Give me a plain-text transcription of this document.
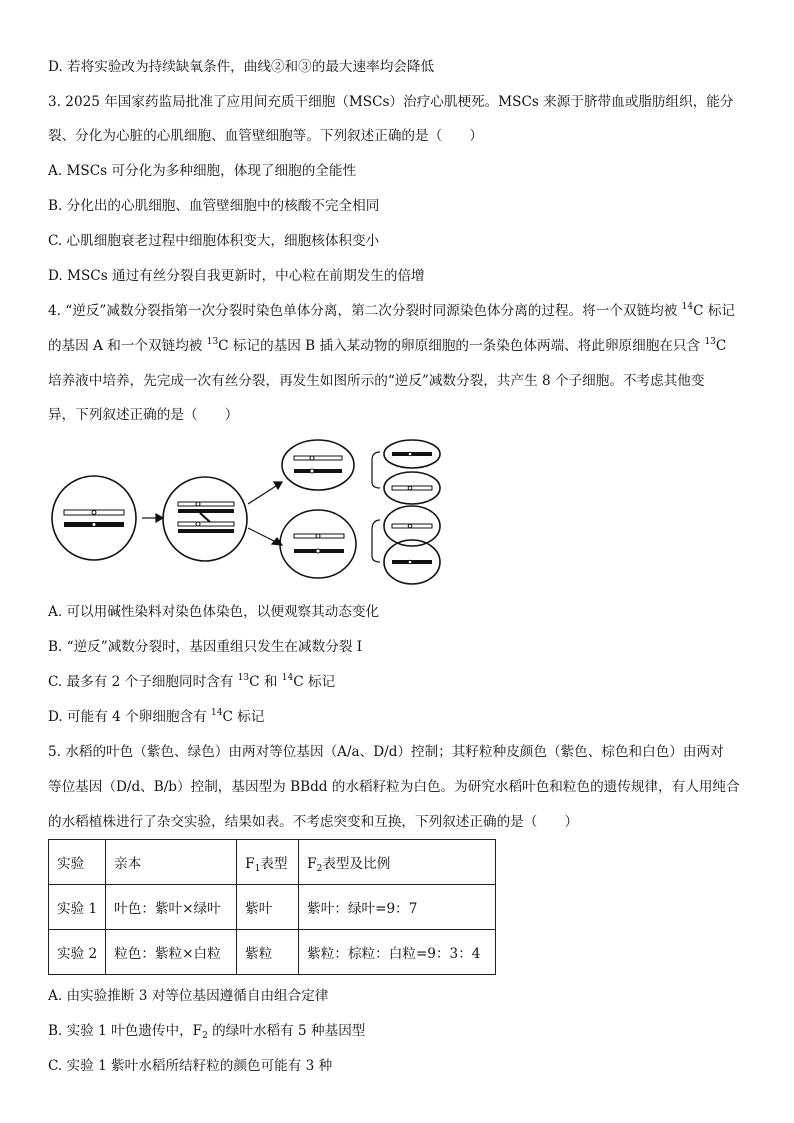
D. 若将实验改为持续缺氧条件，曲线②和③的最大速率均会降低
3. 2025 年国家药监局批准了应用间充质干细胞（MSCs）治疗心肌梗死。MSCs 来源于脐带血或脂肪组织，能分
裂、分化为心脏的心肌细胞、血管壁细胞等。下列叙述正确的是（　　）
A. MSCs 可分化为多种细胞，体现了细胞的全能性
B. 分化出的心肌细胞、血管壁细胞中的核酸不完全相同
C. 心肌细胞衰老过程中细胞体积变大，细胞核体积变小
D. MSCs 通过有丝分裂自我更新时，中心粒在前期发生的倍增
4. “逆反”减数分裂指第一次分裂时染色单体分离，第二次分裂时同源染色体分离的过程。将一个双链均被 $^{14}$C 标记
的基因 A 和一个双链均被 $^{13}$C 标记的基因 B 插入某动物的卵原细胞的一条染色体两端、将此卵原细胞在只含 $^{13}$C
培养液中培养，先完成一次有丝分裂，再发生如图所示的“逆反”减数分裂，共产生 8 个子细胞。不考虑其他变
异，下列叙述正确的是（　　）
A. 可以用碱性染料对染色体染色，以便观察其动态变化
B. “逆反”减数分裂时，基因重组只发生在减数分裂 I
C. 最多有 2 个子细胞同时含有 $^{13}$C 和 $^{14}$C 标记
D. 可能有 4 个卵细胞含有 $^{14}$C 标记
5. 水稻的叶色（紫色、绿色）由两对等位基因（A/a、D/d）控制；其籽粒种皮颜色（紫色、棕色和白色）由两对
等位基因（D/d、B/b）控制，基因型为 BBdd 的水稻籽粒为白色。为研究水稻叶色和粒色的遗传规律，有人用纯合
的水稻植株进行了杂交实验，结果如表。不考虑突变和互换，下列叙述正确的是（　　）
实验	亲本	$F_1$表型	$F_2$表型及比例
实验 1	叶色：紫叶×绿叶	紫叶	紫叶：绿叶=9：7
实验 2	粒色：紫粒×白粒	紫粒	紫粒：棕粒：白粒=9：3：4
A. 由实验推断 3 对等位基因遵循自由组合定律
B. 实验 1 叶色遗传中，$F_2$ 的绿叶水稻有 5 种基因型
C. 实验 1 紫叶水稻所结籽粒的颜色可能有 3 种
